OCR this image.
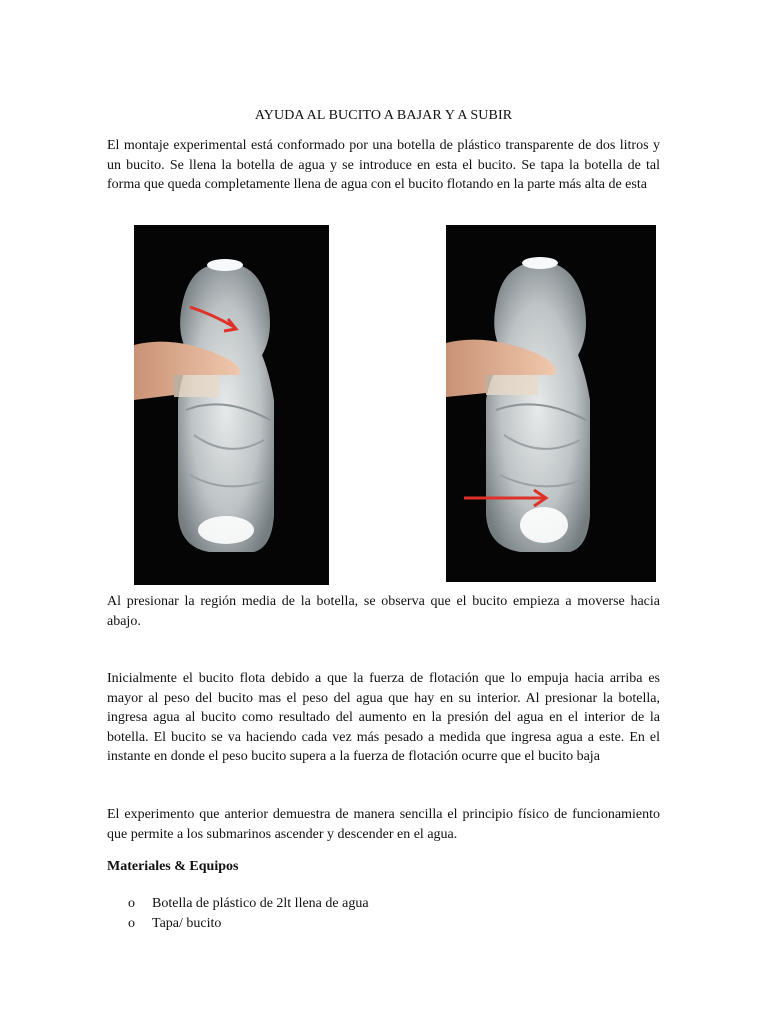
AYUDA AL BUCITO A BAJAR Y A SUBIR
El montaje experimental está conformado por una botella de plástico transparente de dos litros y un bucito. Se llena la botella de agua y se introduce en esta el bucito. Se tapa la botella de tal forma que queda completamente llena de agua con el bucito flotando en la parte más alta de esta
Al presionar la región media de la botella, se observa que el bucito empieza a moverse hacia abajo.
Inicialmente el bucito flota debido a que la fuerza de flotación que lo empuja hacia arriba es mayor al peso del bucito mas el peso del agua que hay en su interior. Al presionar la botella, ingresa agua al bucito como resultado del aumento en la presión del agua en el interior de la botella. El bucito se va haciendo cada vez más pesado a medida que ingresa agua a este. En el instante en donde el peso bucito supera a la fuerza de flotación ocurre que el bucito baja
El experimento que anterior demuestra de manera sencilla el principio físico de funcionamiento que permite a los submarinos ascender y descender en el agua.
Materiales & Equipos
o Botella de plástico de 2lt llena de agua
o Tapa/ bucito
